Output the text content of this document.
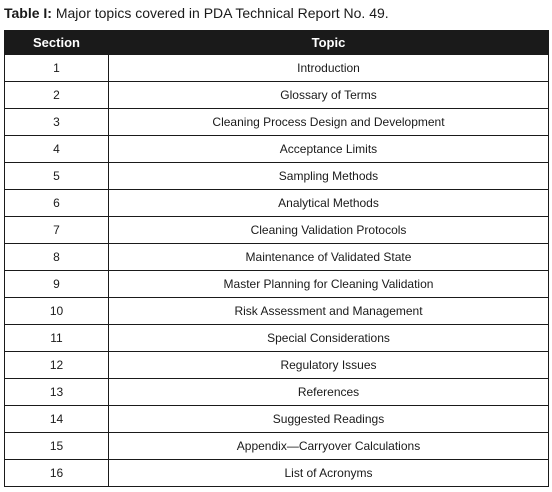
Table I: Major topics covered in PDA Technical Report No. 49.
Section	Topic
1	Introduction
2	Glossary of Terms
3	Cleaning Process Design and Development
4	Acceptance Limits
5	Sampling Methods
6	Analytical Methods
7	Cleaning Validation Protocols
8	Maintenance of Validated State
9	Master Planning for Cleaning Validation
10	Risk Assessment and Management
11	Special Considerations
12	Regulatory Issues
13	References
14	Suggested Readings
15	Appendix—Carryover Calculations
16	List of Acronyms
